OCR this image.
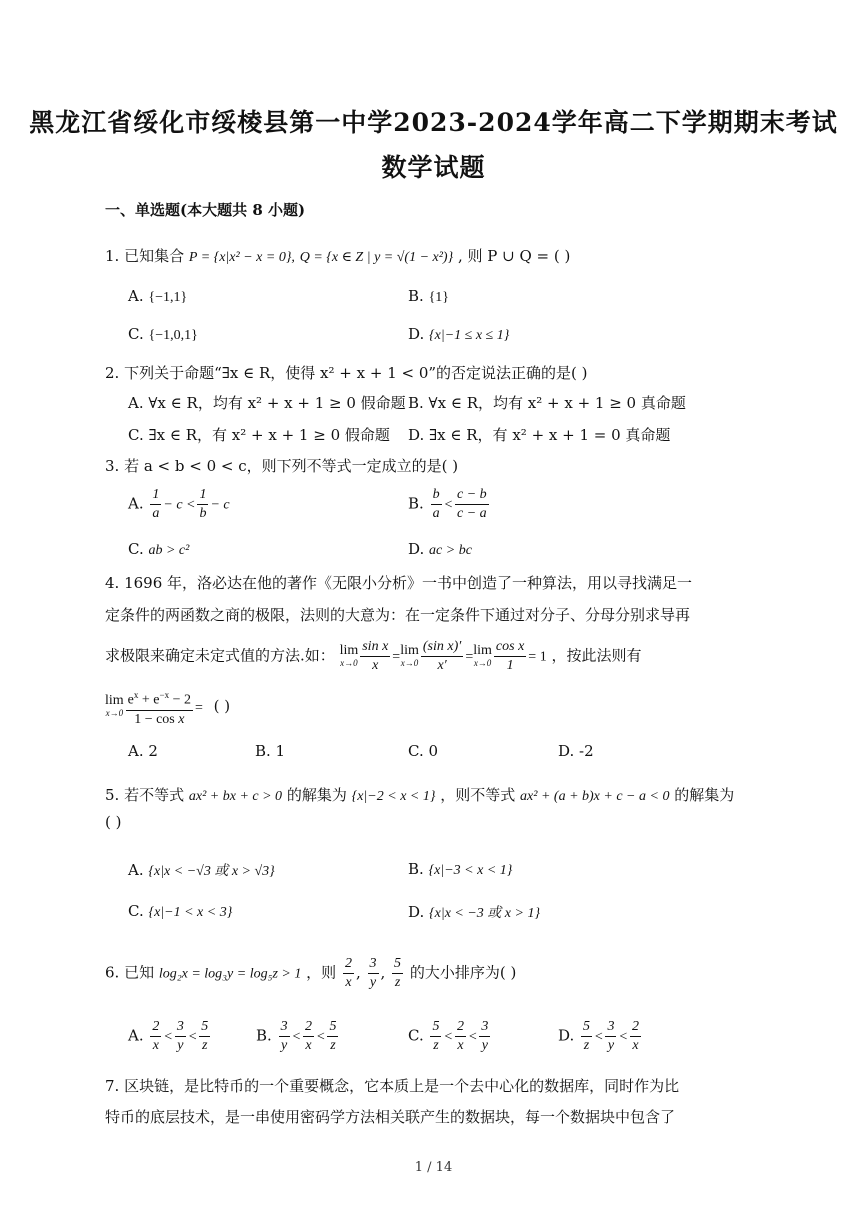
黑龙江省绥化市绥棱县第一中学2023-2024学年高二下学期期末考试
数学试题
一、单选题(本大题共 8 小题)
1. 已知集合 P = {x|x² − x = 0}, Q = {x ∈ Z | y = √(1 − x²)} , 则 P ∪ Q = ( )
A. {−1,1}	B. {1}
C. {−1,0,1}	D. {x|−1 ≤ x ≤ 1}
2. 下列关于命题“∃x ∈ R，使得 x² + x + 1 < 0”的否定说法正确的是( )
A. ∀x ∈ R，均有 x² + x + 1 ≥ 0 假命题 B. ∀x ∈ R，均有 x² + x + 1 ≥ 0 真命题
C. ∃x ∈ R，有 x² + x + 1 ≥ 0 假命题 D. ∃x ∈ R，有 x² + x + 1 = 0 真命题
3. 若 a < b < 0 < c，则下列不等式一定成立的是( )
A. $\frac{1}{a} - c < \frac{1}{b} - c$	B. $\frac{b}{a} < \frac{c - b}{c - a}$
C. ab > c²	D. ac > bc
4. 1696 年，洛必达在他的著作《无限小分析》一书中创造了一种算法，用以寻找满足一
定条件的两函数之商的极限，法则的大意为：在一定条件下通过对分子、分母分别求导再
求极限来确定未定式值的方法.如： lim
$x\to 0 \frac{\text{sin x}}{x} =\lim$
$x\to 0 \frac{\text{(sin x)′}}{x'} =\lim$
$x\to 0 \frac{\text{cos x}}{1} = 1$ ，按此法则有
lim
$x\to 0 \frac{e^x + e^{-x} - 2}{\text{1 − cos x}}$ = ( )
A. 2	B. 1	C. 0	D. -2
5. 若不等式 ax² + bx + c > 0 的解集为 {x|−2 < x < 1} ，则不等式 ax² + (a + b)x + c − a < 0 的解集为
( )
A. {x|x < −√3 或 x > √3}	B. {x|−3 < x < 1}
C. {x|−1 < x < 3}	D. {x|x < −3 或 x > 1}
6. 已知 log₂x = log₃y = log₅z > 1 ，则 $\frac{2}{x}$ , $\frac{3}{y}$ , $\frac{5}{z}$ 的大小排序为( )
A. $\frac{2}{x} < \frac{3}{y} < \frac{5}{z}$	B. $\frac{3}{y} < \frac{2}{x} < \frac{5}{z}$	C. $\frac{5}{z} < \frac{2}{x} < \frac{3}{y}$	D. $\frac{5}{z} < \frac{3}{y} < \frac{2}{x}$
7. 区块链，是比特币的一个重要概念，它本质上是一个去中心化的数据库，同时作为比
特币的底层技术，是一串使用密码学方法相关联产生的数据块，每一个数据块中包含了
1 / 14
